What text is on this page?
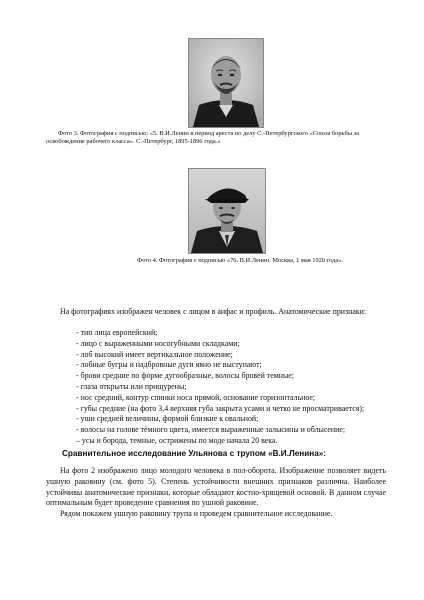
Фото 3. Фотография с подписью: «5. В.И.Ленин в период ареста по делу С.-Петербургского «Союза борьбы за освобождение рабочего класса». С.-Петербург, 1895-1896 года.»
Фото 4. Фотография с подписью «76. В.И.Ленин. Москва, 1 мая 1920 года».
На фотографиях изображен человек с лицом в анфас и профиль. Анатомические признаки:
- тип лица европейский;
- лицо с выраженными носогубными складками;
- лоб высокий имеет вертикальное положение;
- лобные бугры и надбровные дуги явно не выступают;
- брови средние по форме дугообразные, волосы бровей темные;
- глаза открыты или прищурены;
- нос средний, контур спинки носа прямой, основание горизонтальное;
- губы средние (на фото 3,4 верхняя губа закрыта усами и четко не просматривается);
- уши средней величины, формой близкие к овальной;
- волосы на голове тёмного цвета, имеется выраженные залысины и облысение;
– усы и борода, темные, острижены по моде начала 20 века.
Сравнительное исследование Ульянова с трупом «В.И.Ленина»:
На фото 2 изображено лицо молодого человека в пол-оборота. Изображение позволяет видеть ушную раковину (см. фото 5). Степень устойчивости внешних признаков различна. Наиболее устойчивы анатомические признаки, которые обладают костно-хрящевой основой. В данном случае оптимальным будет проведение сравнения по ушной раковине.
Рядом покажем ушную раковину трупа и проведем сравнительное исследование.
